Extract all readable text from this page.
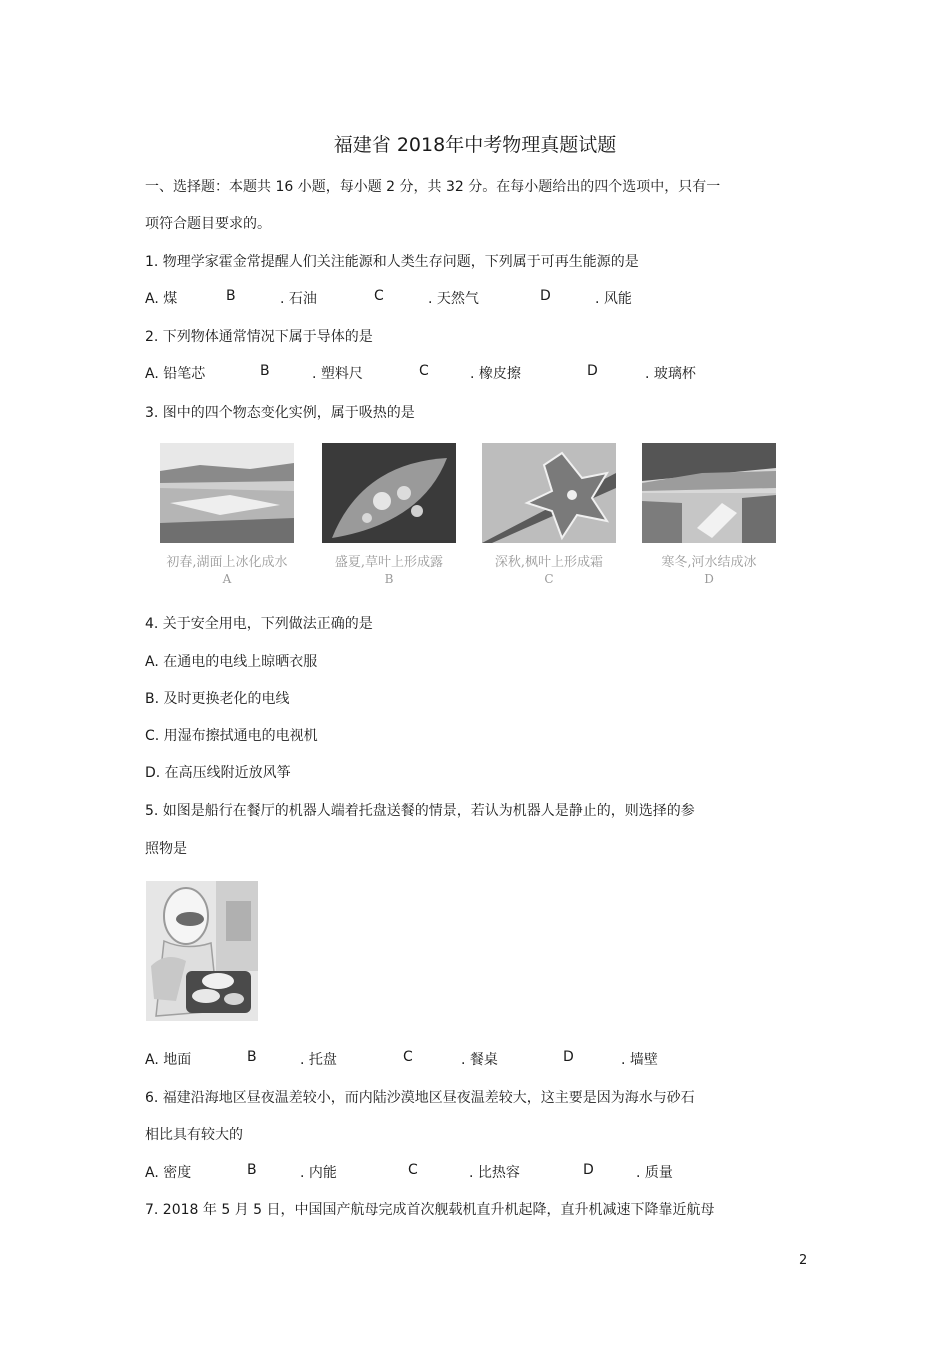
福建省 2018年中考物理真题试题
一、选择题：本题共 16 小题，每小题 2 分，共 32 分。在每小题给出的四个选项中，只有一
项符合题目要求的。
1. 物理学家霍金常提醒人们关注能源和人类生存问题，下列属于可再生能源的是
A. 煤	B	. 石油	C	. 天然气	D	. 风能
2. 下列物体通常情况下属于导体的是
A. 铅笔芯	B	. 塑料尺	C	. 橡皮擦	D	. 玻璃杯
3. 图中的四个物态变化实例，属于吸热的是
初春,湖面上冰化成水	盛夏,草叶上形成露	深秋,枫叶上形成霜	寒冬,河水结成冰
A	B	C	D
4. 关于安全用电，下列做法正确的是
A. 在通电的电线上晾晒衣服
B. 及时更换老化的电线
C. 用湿布擦拭通电的电视机
D. 在高压线附近放风筝
5. 如图是船行在餐厅的机器人端着托盘送餐的情景，若认为机器人是静止的，则选择的参
照物是
A. 地面	B	. 托盘	C	. 餐桌	D	. 墙壁
6. 福建沿海地区昼夜温差较小，而内陆沙漠地区昼夜温差较大，这主要是因为海水与砂石
相比具有较大的
A. 密度	B	. 内能	C	. 比热容	D	. 质量
7. 2018 年 5 月 5 日，中国国产航母完成首次舰载机直升机起降，直升机减速下降靠近航母
2
